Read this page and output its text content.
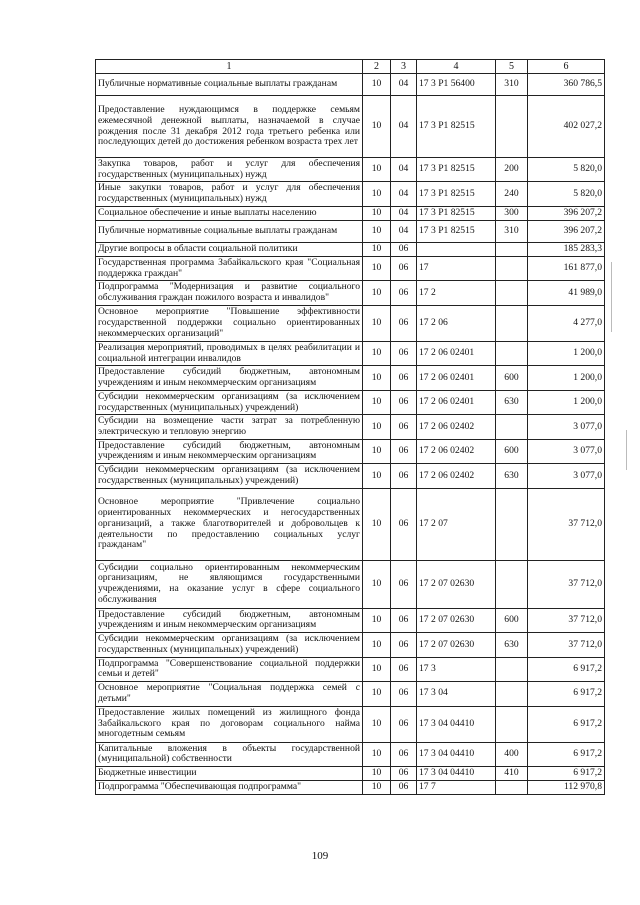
1	2	3	4	5	6
Публичные нормативные социальные выплаты гражданам	10	04	17 3 Р1 56400	310	360 786,5
Предоставление нуждающимся в поддержке семьям ежемесячной денежной выплаты, назначаемой в случае рождения после 31 декабря 2012 года третьего ребенка или последующих детей до достижения ребенком возраста трех лет	10	04	17 3 Р1 82515		402 027,2
Закупка товаров, работ и услуг для обеспечения государственных (муниципальных) нужд	10	04	17 3 Р1 82515	200	5 820,0
Иные закупки товаров, работ и услуг для обеспечения государственных (муниципальных) нужд	10	04	17 3 Р1 82515	240	5 820,0
Социальное обеспечение и иные выплаты населению	10	04	17 3 Р1 82515	300	396 207,2
Публичные нормативные социальные выплаты гражданам	10	04	17 3 Р1 82515	310	396 207,2
Другие вопросы в области социальной политики	10	06			185 283,3
Государственная программа Забайкальского края "Социальная поддержка граждан"	10	06	17		161 877,0
Подпрограмма "Модернизация и развитие социального обслуживания граждан пожилого возраста и инвалидов"	10	06	17 2		41 989,0
Основное мероприятие "Повышение эффективности государственной поддержки социально ориентированных некоммерческих организаций"	10	06	17 2 06		4 277,0
Реализация мероприятий, проводимых в целях реабилитации и социальной интеграции инвалидов	10	06	17 2 06 02401		1 200,0
Предоставление субсидий бюджетным, автономным учреждениям и иным некоммерческим организациям	10	06	17 2 06 02401	600	1 200,0
Субсидии некоммерческим организациям (за исключением государственных (муниципальных) учреждений)	10	06	17 2 06 02401	630	1 200,0
Субсидии на возмещение части затрат за потребленную электрическую и тепловую энергию	10	06	17 2 06 02402		3 077,0
Предоставление субсидий бюджетным, автономным учреждениям и иным некоммерческим организациям	10	06	17 2 06 02402	600	3 077,0
Субсидии некоммерческим организациям (за исключением государственных (муниципальных) учреждений)	10	06	17 2 06 02402	630	3 077,0
Основное мероприятие "Привлечение социально ориентированных некоммерческих и негосударственных организаций, а также благотворителей и добровольцев к деятельности по предоставлению социальных услуг гражданам"	10	06	17 2 07		37 712,0
Субсидии социально ориентированным некоммерческим организациям, не являющимся государственными учреждениями, на оказание услуг в сфере социального обслуживания	10	06	17 2 07 02630		37 712,0
Предоставление субсидий бюджетным, автономным учреждениям и иным некоммерческим организациям	10	06	17 2 07 02630	600	37 712,0
Субсидии некоммерческим организациям (за исключением государственных (муниципальных) учреждений)	10	06	17 2 07 02630	630	37 712,0
Подпрограмма "Совершенствование социальной поддержки семьи и детей"	10	06	17 3		6 917,2
Основное мероприятие "Социальная поддержка семей с детьми"	10	06	17 3 04		6 917,2
Предоставление жилых помещений из жилищного фонда Забайкальского края по договорам социального найма многодетным семьям	10	06	17 3 04 04410		6 917,2
Капитальные вложения в объекты государственной (муниципальной) собственности	10	06	17 3 04 04410	400	6 917,2
Бюджетные инвестиции	10	06	17 3 04 04410	410	6 917,2
Подпрограмма "Обеспечивающая подпрограмма"	10	06	17 7		112 970,8
109
